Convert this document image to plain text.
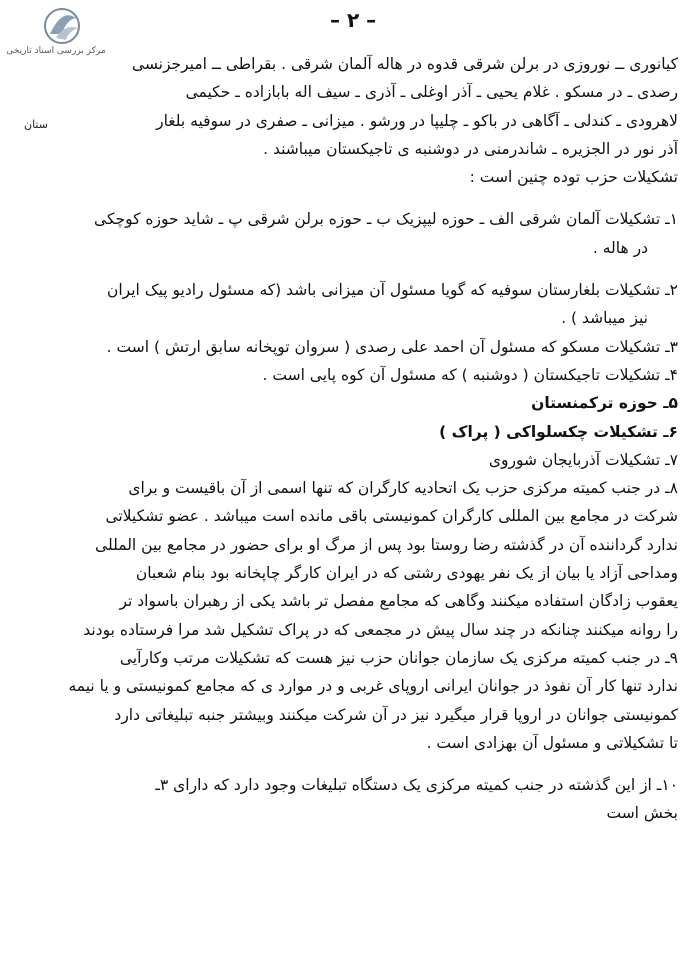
مرکز بررسی اسناد تاریخی
– ۲ –
ستان
کیانوری ــ نوروزی در برلن شرقی قدوه در هاله آلمان شرقی . بقراطی ــ امیرجزنسی
رصدی ـ در مسکو . غلام یحیی ـ آذر اوغلی ـ آذری ـ سیف اله بابازاده ـ حکیمی
لاهرودی ـ کندلی ـ آگاهی در باکو ـ چلیپا در ورشو . میزانی ـ صفری در سوفیه بلغار
آذر نور در الجزیره ـ شاندرمنی در دوشنبه ی تاجیکستان میباشند .
تشکیلات حزب توده چنین است :
۱ـ تشکیلات آلمان شرقی الف ـ حوزه لیپزیک ب ـ حوزه برلن شرقی پ ـ شاید حوزه کوچکی
در هاله .
۲ـ تشکیلات بلغارستان سوفیه که گویا مسئول آن میزانی باشد (که مسئول رادیو پیک ایران
نیز میباشد ) .
۳ـ تشکیلات مسکو که مسئول آن احمد علی رصدی ( سروان توپخانه سابق ارتش ) است .
۴ـ تشکیلات تاجیکستان ( دوشنبه ) که مسئول آن کوه پایی است .
۵ـ حوزه ترکمنستان
۶ـ تشکیلات چکسلواکی ( پراک )
۷ـ تشکیلات آذربایجان شوروی
۸ـ در جنب کمیته مرکزی حزب یک اتحادیه کارگران که تنها اسمی از آن باقیست و برای
شرکت در مجامع بین المللی کارگران کمونیستی باقی مانده است میباشد . عضو تشکیلاتی
ندارد گرداننده آن در گذشته رضا روستا بود پس از مرگ او برای حضور در مجامع بین المللی
ومداحی آزاد یا بیان از یک نفر یهودی رشتی که در ایران کارگر چاپخانه بود بنام شعبان
یعقوب زادگان استفاده میکنند وگاهی که مجامع مفصل تر باشد یکی از رهبران باسواد تر
را روانه میکنند چنانکه در چند سال پیش در مجمعی که در پراک تشکیل شد مرا فرستاده بودند
۹ـ در جنب کمیته مرکزی یک سازمان جوانان حزب نیز هست که تشکیلات مرتب وکارآیی
ندارد تنها کار آن نفوذ در جوانان ایرانی اروپای غربی و در موارد ی که مجامع کمونیستی و یا نیمه
کمونیستی جوانان در اروپا قرار میگیرد نیز در آن شرکت میکنند وبیشتر جنبه تبلیغاتی دارد
تا تشکیلاتی و مسئول آن بهزادی است .
۱۰ـ از این گذشته در جنب کمیته مرکزی یک دستگاه تبلیغات وجود دارد که دارای ۳ـ
بخش است
